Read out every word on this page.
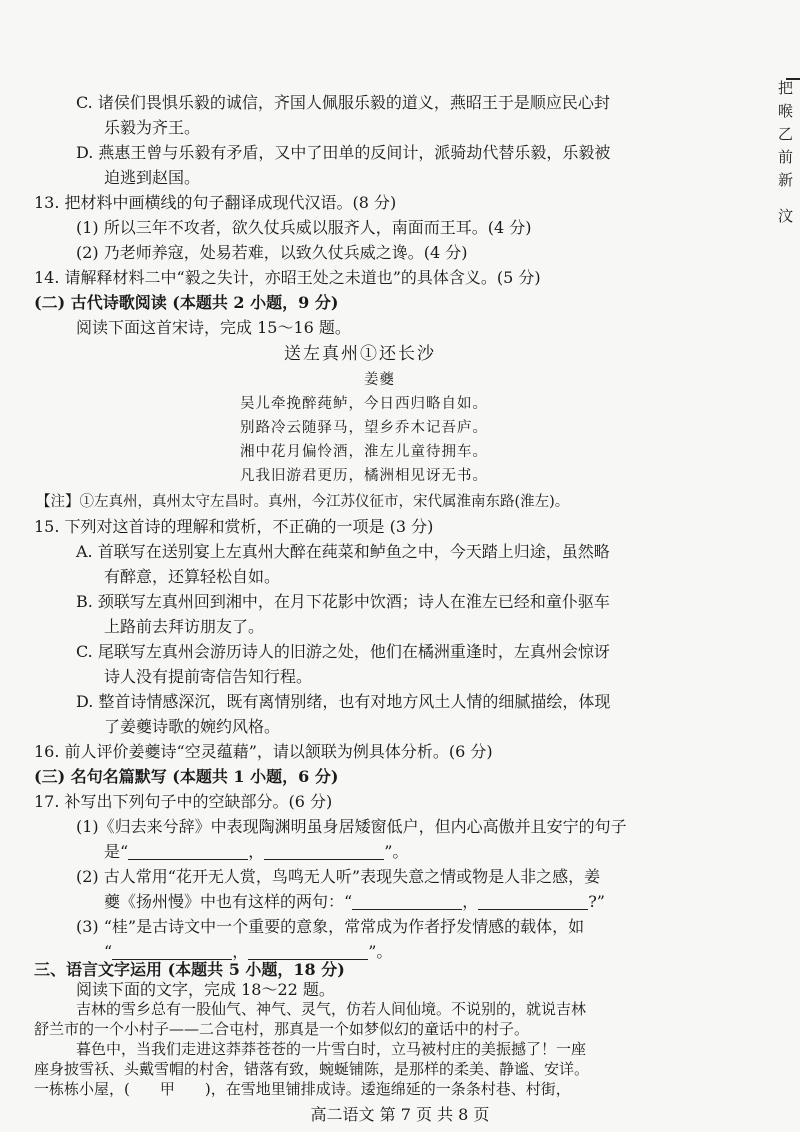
把喉乙前新 汶
C. 诸侯们畏惧乐毅的诚信，齐国人佩服乐毅的道义，燕昭王于是顺应民心封
乐毅为齐王。
D. 燕惠王曾与乐毅有矛盾，又中了田单的反间计，派骑劫代替乐毅，乐毅被
迫逃到赵国。
13. 把材料中画横线的句子翻译成现代汉语。(8 分)
(1) 所以三年不攻者，欲久仗兵威以服齐人，南面而王耳。(4 分)
(2) 乃老师养寇，处易若难，以致久仗兵威之谗。(4 分)
14. 请解释材料二中“毅之失计，亦昭王处之未道也”的具体含义。(5 分)
(二) 古代诗歌阅读 (本题共 2 小题，9 分)
阅读下面这首宋诗，完成 15～16 题。
送左真州①还长沙
姜夔
吴儿牵挽醉莼鲈，今日西归略自如。
别路冷云随驿马，望乡乔木记吾庐。
湘中花月偏怜酒，淮左儿童待拥车。
凡我旧游君更历，橘洲相见讶无书。
【注】①左真州，真州太守左昌时。真州，今江苏仪征市，宋代属淮南东路(淮左)。
15. 下列对这首诗的理解和赏析，不正确的一项是 (3 分)
A. 首联写在送别宴上左真州大醉在莼菜和鲈鱼之中，今天踏上归途，虽然略
有醉意，还算轻松自如。
B. 颈联写左真州回到湘中，在月下花影中饮酒；诗人在淮左已经和童仆驱车
上路前去拜访朋友了。
C. 尾联写左真州会游历诗人的旧游之处，他们在橘洲重逢时，左真州会惊讶
诗人没有提前寄信告知行程。
D. 整首诗情感深沉，既有离情别绪，也有对地方风土人情的细腻描绘，体现
了姜夔诗歌的婉约风格。
16. 前人评价姜夔诗“空灵蕴藉”，请以颔联为例具体分析。(6 分)
(三) 名句名篇默写 (本题共 1 小题，6 分)
17. 补写出下列句子中的空缺部分。(6 分)
(1)《归去来兮辞》中表现陶渊明虽身居矮窗低户，但内心高傲并且安宁的句子
是“	，	”。
(2) 古人常用“花开无人赏，鸟鸣无人听”表现失意之情或物是人非之感，姜
夔《扬州慢》中也有这样的两句：“	，	?”
(3) “桂”是古诗文中一个重要的意象，常常成为作者抒发情感的载体，如
“	，	”。
三、语言文字运用 (本题共 5 小题，18 分)
阅读下面的文字，完成 18～22 题。
吉林的雪乡总有一股仙气、神气、灵气，仿若人间仙境。不说别的，就说吉林
舒兰市的一个小村子——二合屯村，那真是一个如梦似幻的童话中的村子。
高二语文 第 7 页 共 8 页
暮色中，当我们走进这莽莽苍苍的一片雪白时，立马被村庄的美振撼了！一座
座身披雪袄、头戴雪帽的村舍，错落有致，蜿蜒铺陈，是那样的柔美、静谧、安详。
一栋栋小屋，(　　甲　　)，在雪地里铺排成诗。逶迤绵延的一条条村巷、村街，
